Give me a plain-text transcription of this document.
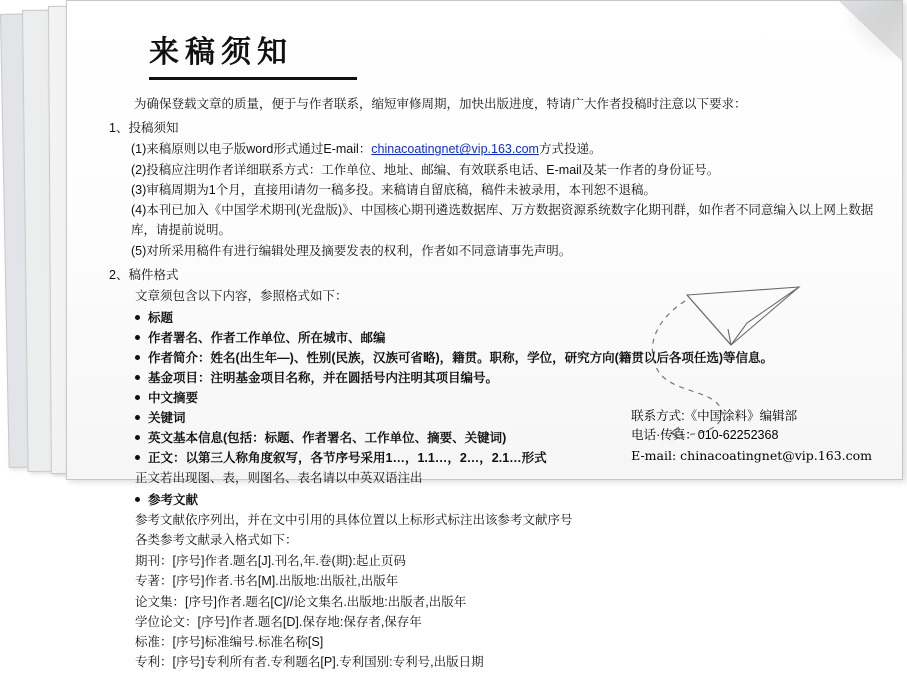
来稿须知

为确保登载文章的质量，便于与作者联系，缩短审修周期，加快出版进度，特请广大作者投稿时注意以下要求：

1、投稿须知
(1)来稿原则以电子版word形式通过E-mail：chinacoatingnet@vip.163.com方式投递。
(2)投稿应注明作者详细联系方式：工作单位、地址、邮编、有效联系电话、E-mail及某一作者的身份证号。
(3)审稿周期为1个月，直接用i请勿一稿多投。来稿请自留底稿，稿件未被录用，本刊恕不退稿。
(4)本刊已加入《中国学术期刊(光盘版)》、中国核心期刊遴选数据库、万方数据资源系统数字化期刊群，如作者不同意编入以上网上数据库，请提前说明。
(5)对所采用稿件有进行编辑处理及摘要发表的权利，作者如不同意请事先声明。
2、稿件格式
文章须包含以下内容，参照格式如下：
标题
作者署名、作者工作单位、所在城市、邮编
作者简介：姓名(出生年—)、性别(民族，汉族可省略)，籍贯。职称，学位，研究方向(籍贯以后各项任选)等信息。
基金项目：注明基金项目名称，并在圆括号内注明其项目编号。
中文摘要
关键词
英文基本信息(包括：标题、作者署名、工作单位、摘要、关键词)
正文：以第三人称角度叙写，各节序号采用1…，1.1…，2…，2.1…形式
正文若出现图、表，则图名、表名请以中英双语注出
参考文献
参考文献依序列出，并在文中引用的具体位置以上标形式标注出该参考文献序号
各类参考文献录入格式如下：
期刊：[序号]作者.题名[J].刊名,年.卷(期):起止页码
专著：[序号]作者.书名[M].出版地:出版社,出版年
论文集：[序号]作者.题名[C]//论文集名.出版地:出版者,出版年
学位论文：[序号]作者.题名[D].保存地:保存者,保存年
标准：[序号]标准编号.标准名称[S]
专利：[序号]专利所有者.专利题名[P].专利国别:专利号,出版日期
联系方式:《中国涂料》编辑部
电话·传真：010-62252368
E-mail: chinacoatingnet@vip.163.com
